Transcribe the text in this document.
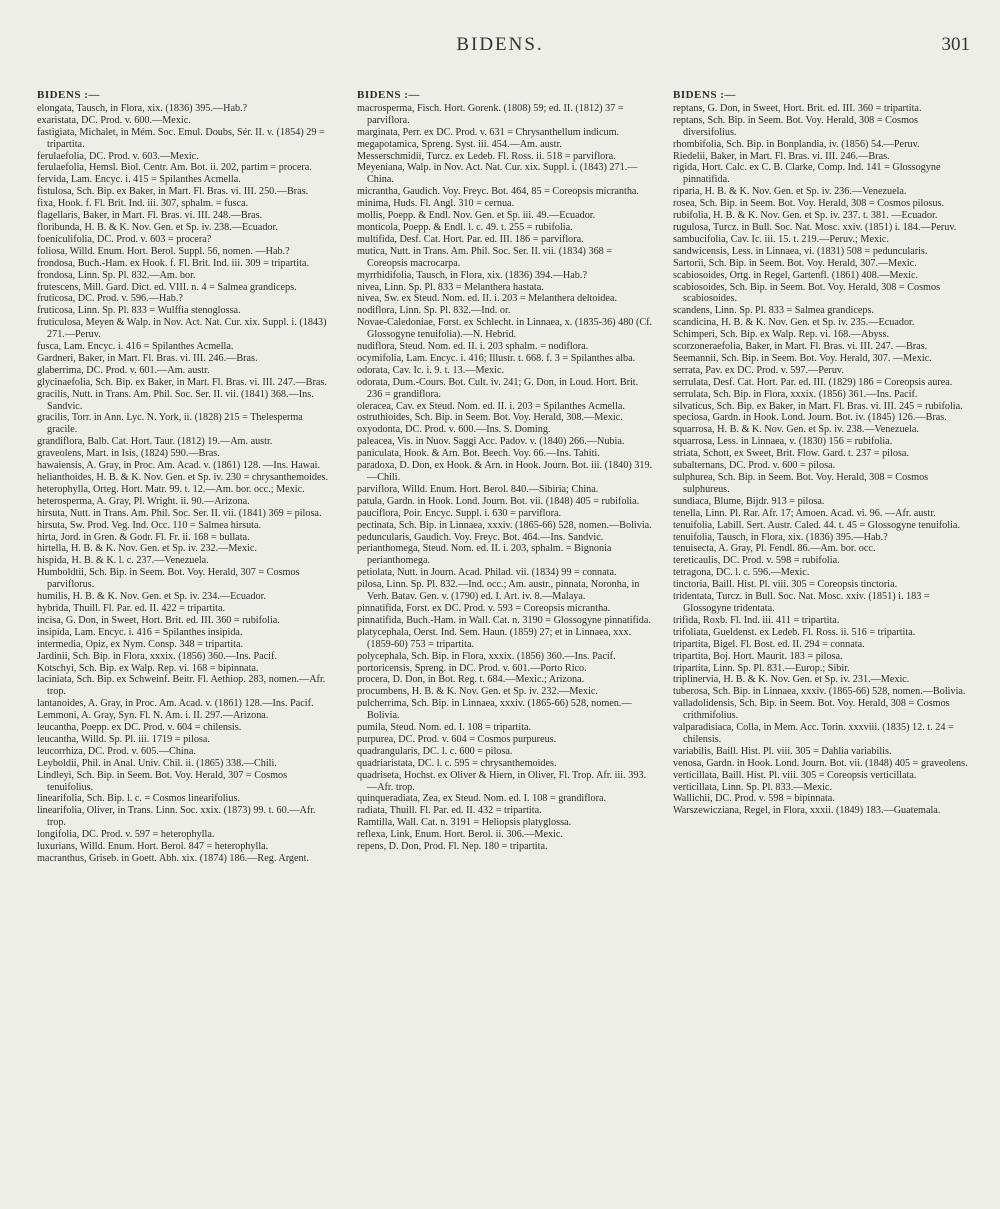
BIDENS.	301
BIDENS :—

elongata, Tausch, in Flora, xix. (1836) 395.—Hab.?

exaristata, DC. Prod. v. 600.—Mexic.

fastigiata, Michalet, in Mém. Soc. Emul. Doubs, Sér. II. v. (1854) 29 = tripartita.

ferulaefolia, DC. Prod. v. 603.—Mexic.

ferulaefolia, Hemsl. Biol. Centr. Am. Bot. ii. 202, partim = procera.

fervida, Lam. Encyc. i. 415 = Spilanthes Acmella.

fistulosa, Sch. Bip. ex Baker, in Mart. Fl. Bras. vi. III. 250.—Bras.

fixa, Hook. f. Fl. Brit. Ind. iii. 307, sphalm. = fusca.

flagellaris, Baker, in Mart. Fl. Bras. vi. III. 248.—Bras.

floribunda, H. B. & K. Nov. Gen. et Sp. iv. 238.—Ecuador.

foeniculifolia, DC. Prod. v. 603 = procera?

foliosa, Willd. Enum. Hort. Berol. Suppl. 56, nomen. —Hab.?

frondosa, Buch.-Ham. ex Hook. f. Fl. Brit. Ind. iii. 309 = tripartita.

frondosa, Linn. Sp. Pl. 832.—Am. bor.

frutescens, Mill. Gard. Dict. ed. VIII. n. 4 = Salmea grandiceps.

fruticosa, DC. Prod. v. 596.—Hab.?

fruticosa, Linn. Sp. Pl. 833 = Wulffia stenoglossa.

fruticulosa, Meyen & Walp. in Nov. Act. Nat. Cur. xix. Suppl. i. (1843) 271.—Peruv.

fusca, Lam. Encyc. i. 416 = Spilanthes Acmella.

Gardneri, Baker, in Mart. Fl. Bras. vi. III. 246.—Bras.

glaberrima, DC. Prod. v. 601.—Am. austr.

glycinaefolia, Sch. Bip. ex Baker, in Mart. Fl. Bras. vi. III. 247.—Bras.

gracilis, Nutt. in Trans. Am. Phil. Soc. Ser. II. vii. (1841) 368.—Ins. Sandvic.

gracilis, Torr. in Ann. Lyc. N. York, ii. (1828) 215 = Thelesperma gracile.

grandiflora, Balb. Cat. Hort. Taur. (1812) 19.—Am. austr.

graveolens, Mart. in Isis, (1824) 590.—Bras.

hawaiensis, A. Gray, in Proc. Am. Acad. v. (1861) 128. —Ins. Hawai.

helianthoides, H. B. & K. Nov. Gen. et Sp. iv. 230 = chrysanthemoides.

heterophylla, Orteg. Hort. Matr. 99. t. 12.—Am. bor. occ.; Mexic.

heterosperma, A. Gray, Pl. Wright. ii. 90.—Arizona.

hirsuta, Nutt. in Trans. Am. Phil. Soc. Ser. II. vii. (1841) 369 = pilosa.

hirsuta, Sw. Prod. Veg. Ind. Occ. 110 = Salmea hirsuta.

hirta, Jord. in Gren. & Godr. Fl. Fr. ii. 168 = bullata.

hirtella, H. B. & K. Nov. Gen. et Sp. iv. 232.—Mexic.

hispida, H. B. & K. l. c. 237.—Venezuela.

Humboldtii, Sch. Bip. in Seem. Bot. Voy. Herald, 307 = Cosmos parviflorus.

humilis, H. B. & K. Nov. Gen. et Sp. iv. 234.—Ecuador.

hybrida, Thuill. Fl. Par. ed. II. 422 = tripartita.

incisa, G. Don, in Sweet, Hort. Brit. ed. III. 360 = rubifolia.

insipida, Lam. Encyc. i. 416 = Spilanthes insipida.

intermedia, Opiz, ex Nym. Consp. 348 = tripartita.

Jardinii, Sch. Bip. in Flora, xxxix. (1856) 360.—Ins. Pacif.

Kotschyi, Sch. Bip. ex Walp. Rep. vi. 168 = bipinnata.

laciniata, Sch. Bip. ex Schweinf. Beitr. Fl. Aethiop. 283, nomen.—Afr. trop.

lantanoides, A. Gray, in Proc. Am. Acad. v. (1861) 128.—Ins. Pacif.

Lemmoni, A. Gray, Syn. Fl. N. Am. i. II. 297.—Arizona.

leucantha, Poepp. ex DC. Prod. v. 604 = chilensis.

leucantha, Willd. Sp. Pl. iii. 1719 = pilosa.

leucorrhiza, DC. Prod. v. 605.—China.

Leyboldii, Phil. in Anal. Univ. Chil. ii. (1865) 338.—Chili.

Lindleyi, Sch. Bip. in Seem. Bot. Voy. Herald, 307 = Cosmos tenuifolius.

linearifolia, Sch. Bip. l. c. = Cosmos linearifolius.

linearifolia, Oliver, in Trans. Linn. Soc. xxix. (1873) 99. t. 60.—Afr. trop.

longifolia, DC. Prod. v. 597 = heterophylla.

luxurians, Willd. Enum. Hort. Berol. 847 = heterophylla.

macranthus, Griseb. in Goett. Abh. xix. (1874) 186.—Reg. Argent.

BIDENS :—

macrosperma, Fisch. Hort. Gorenk. (1808) 59; ed. II. (1812) 37 = parviflora.

marginata, Perr. ex DC. Prod. v. 631 = Chrysanthellum indicum.

megapotamica, Spreng. Syst. iii. 454.—Am. austr.

Messerschmidii, Turcz. ex Ledeb. Fl. Ross. ii. 518 = parviflora.

Meyeniana, Walp. in Nov. Act. Nat. Cur. xix. Suppl. i. (1843) 271.—China.

micrantha, Gaudich. Voy. Freyc. Bot. 464, 85 = Coreopsis micrantha.

minima, Huds. Fl. Angl. 310 = cernua.

mollis, Poepp. & Endl. Nov. Gen. et Sp. iii. 49.—Ecuador.

monticola, Poepp. & Endl. l. c. 49. t. 255 = rubifolia.

multifida, Desf. Cat. Hort. Par. ed. III. 186 = parviflora.

mutica, Nutt. in Trans. Am. Phil. Soc. Ser. II. vii. (1834) 368 = Coreopsis macrocarpa.

myrrhidifolia, Tausch, in Flora, xix. (1836) 394.—Hab.?

nivea, Linn. Sp. Pl. 833 = Melanthera hastata.

nivea, Sw. ex Steud. Nom. ed. II. i. 203 = Melanthera deltoidea.

nodiflora, Linn. Sp. Pl. 832.—Ind. or.

Novae-Caledoniae, Forst. ex Schlecht. in Linnaea, x. (1835-36) 480 (Cf. Glossogyne tenuifolia).—N. Hebrid.

nudiflora, Steud. Nom. ed. II. i. 203 sphalm. = nodiflora.

ocymifolia, Lam. Encyc. i. 416; Illustr. t. 668. f. 3 = Spilanthes alba.

odorata, Cav. Ic. i. 9. t. 13.—Mexic.

odorata, Dum.-Cours. Bot. Cult. iv. 241; G. Don, in Loud. Hort. Brit. 236 = grandiflora.

oleracea, Cav. ex Steud. Nom. ed. II. i. 203 = Spilanthes Acmella.

ostruthioides, Sch. Bip. in Seem. Bot. Voy. Herald, 308.—Mexic.

oxyodonta, DC. Prod. v. 600.—Ins. S. Doming.

paleacea, Vis. in Nuov. Saggi Acc. Padov. v. (1840) 266.—Nubia.

paniculata, Hook. & Arn. Bot. Beech. Voy. 66.—Ins. Tahiti.

paradoxa, D. Don, ex Hook. & Arn. in Hook. Journ. Bot. iii. (1840) 319.—Chili.

parviflora, Willd. Enum. Hort. Berol. 840.—Sibiria; China.

patula, Gardn. in Hook. Lond. Journ. Bot. vii. (1848) 405 = rubifolia.

pauciflora, Poir. Encyc. Suppl. i. 630 = parviflora.

pectinata, Sch. Bip. in Linnaea, xxxiv. (1865-66) 528, nomen.—Bolivia.

peduncularis, Gaudich. Voy. Freyc. Bot. 464.—Ins. Sandvic.

perianthomega, Steud. Nom. ed. II. i. 203, sphalm. = Bignonia perianthomega.

petiolata, Nutt. in Journ. Acad. Philad. vii. (1834) 99 = connata.

pilosa, Linn. Sp. Pl. 832.—Ind. occ.; Am. austr., pinnata, Noronha, in Verh. Batav. Gen. v. (1790) ed. I. Art. iv. 8.—Malaya.

pinnatifida, Forst. ex DC. Prod. v. 593 = Coreopsis micrantha.

pinnatifida, Buch.-Ham. in Wall. Cat. n. 3190 = Glossogyne pinnatifida.

platycephala, Oerst. Ind. Sem. Haun. (1859) 27; et in Linnaea, xxx. (1859-60) 753 = tripartita.

polycephala, Sch. Bip. in Flora, xxxix. (1856) 360.—Ins. Pacif.

portoricensis, Spreng. in DC. Prod. v. 601.—Porto Rico.

procera, D. Don, in Bot. Reg. t. 684.—Mexic.; Arizona.

procumbens, H. B. & K. Nov. Gen. et Sp. iv. 232.—Mexic.

pulcherrima, Sch. Bip. in Linnaea, xxxiv. (1865-66) 528, nomen.—Bolivia.

pumila, Steud. Nom. ed. I. 108 = tripartita.

purpurea, DC. Prod. v. 604 = Cosmos purpureus.

quadrangularis, DC. l. c. 600 = pilosa.

quadriaristata, DC. l. c. 595 = chrysanthemoides.

quadriseta, Hochst. ex Oliver & Hiern, in Oliver, Fl. Trop. Afr. iii. 393.—Afr. trop.

quinqueradiata, Zea, ex Steud. Nom. ed. I. 108 = grandiflora.

radiata, Thuill. Fl. Par. ed. II. 432 = tripartita.

Ramtilla, Wall. Cat. n. 3191 = Heliopsis platyglossa.

reflexa, Link, Enum. Hort. Berol. ii. 306.—Mexic.

repens, D. Don, Prod. Fl. Nep. 180 = tripartita.

BIDENS :—

reptans, G. Don, in Sweet, Hort. Brit. ed. III. 360 = tripartita.

reptans, Sch. Bip. in Seem. Bot. Voy. Herald, 308 = Cosmos diversifolius.

rhombifolia, Sch. Bip. in Bonplandia, iv. (1856) 54.—Peruv.

Riedelii, Baker, in Mart. Fl. Bras. vi. III. 246.—Bras.

rigida, Hort. Calc. ex C. B. Clarke, Comp. Ind. 141 = Glossogyne pinnatifida.

riparia, H. B. & K. Nov. Gen. et Sp. iv. 236.—Venezuela.

rosea, Sch. Bip. in Seem. Bot. Voy. Herald, 308 = Cosmos pilosus.

rubifolia, H. B. & K. Nov. Gen. et Sp. iv. 237. t. 381. —Ecuador.

rugulosa, Turcz. in Bull. Soc. Nat. Mosc. xxiv. (1851) i. 184.—Peruv.

sambucifolia, Cav. Ic. iii. 15. t. 219.—Peruv.; Mexic.

sandwicensis, Less. in Linnaea, vi. (1831) 508 = peduncularis.

Sartorii, Sch. Bip. in Seem. Bot. Voy. Herald, 307.—Mexic.

scabiosoides, Ortg. in Regel, Gartenfl. (1861) 408.—Mexic.

scabiosoides, Sch. Bip. in Seem. Bot. Voy. Herald, 308 = Cosmos scabiosoides.

scandens, Linn. Sp. Pl. 833 = Salmea grandiceps.

scandicina, H. B. & K. Nov. Gen. et Sp. iv. 235.—Ecuador.

Schimperi, Sch. Bip. ex Walp. Rep. vi. 168.—Abyss.

scorzoneraefolia, Baker, in Mart. Fl. Bras. vi. III. 247. —Bras.

Seemannii, Sch. Bip. in Seem. Bot. Voy. Herald, 307. —Mexic.

serrata, Pav. ex DC. Prod. v. 597.—Peruv.

serrulata, Desf. Cat. Hort. Par. ed. III. (1829) 186 = Coreopsis aurea.

serrulata, Sch. Bip. in Flora, xxxix. (1856) 361.—Ins. Pacif.

silvaticus, Sch. Bip. ex Baker, in Mart. Fl. Bras. vi. III. 245 = rubifolia.

speciosa, Gardn. in Hook. Lond. Journ. Bot. iv. (1845) 126.—Bras.

squarrosa, H. B. & K. Nov. Gen. et Sp. iv. 238.—Venezuela.

squarrosa, Less. in Linnaea, v. (1830) 156 = rubifolia.

striata, Schott, ex Sweet, Brit. Flow. Gard. t. 237 = pilosa.

subalternans, DC. Prod. v. 600 = pilosa.

sulphurea, Sch. Bip. in Seem. Bot. Voy. Herald, 308 = Cosmos sulphureus.

sundiaca, Blume, Bijdr. 913 = pilosa.

tenella, Linn. Pl. Rar. Afr. 17; Amoen. Acad. vi. 96. —Afr. austr.

tenuifolia, Labill. Sert. Austr. Caled. 44. t. 45 = Glossogyne tenuifolia.

tenuifolia, Tausch, in Flora, xix. (1836) 395.—Hab.?

tenuisecta, A. Gray, Pl. Fendl. 86.—Am. bor. occ.

tereticaulis, DC. Prod. v. 598 = rubifolia.

tetragona, DC. l. c. 596.—Mexic.

tinctoria, Baill. Hist. Pl. viii. 305 = Coreopsis tinctoria.

tridentata, Turcz. in Bull. Soc. Nat. Mosc. xxiv. (1851) i. 183 = Glossogyne tridentata.

trifida, Roxb. Fl. Ind. iii. 411 = tripartita.

trifoliata, Gueldenst. ex Ledeb. Fl. Ross. ii. 516 = tripartita.

tripartita, Bigel. Fl. Bost. ed. II. 294 = connata.

tripartita, Boj. Hort. Maurit. 183 = pilosa.

tripartita, Linn. Sp. Pl. 831.—Europ.; Sibir.

triplinervia, H. B. & K. Nov. Gen. et Sp. iv. 231.—Mexic.

tuberosa, Sch. Bip. in Linnaea, xxxiv. (1865-66) 528, nomen.—Bolivia.

valladolidensis, Sch. Bip. in Seem. Bot. Voy. Herald, 308 = Cosmos crithmifolius.

valparadisiaca, Colla, in Mem. Acc. Torin. xxxviii. (1835) 12. t. 24 = chilensis.

variabilis, Baill. Hist. Pl. viii. 305 = Dahlia variabilis.

venosa, Gardn. in Hook. Lond. Journ. Bot. vii. (1848) 405 = graveolens.

verticillata, Baill. Hist. Pl. viii. 305 = Coreopsis verticillata.

verticillata, Linn. Sp. Pl. 833.—Mexic.

Wallichii, DC. Prod. v. 598 = bipinnata.

Warszewicziana, Regel, in Flora, xxxii. (1849) 183.—Guatemala.
